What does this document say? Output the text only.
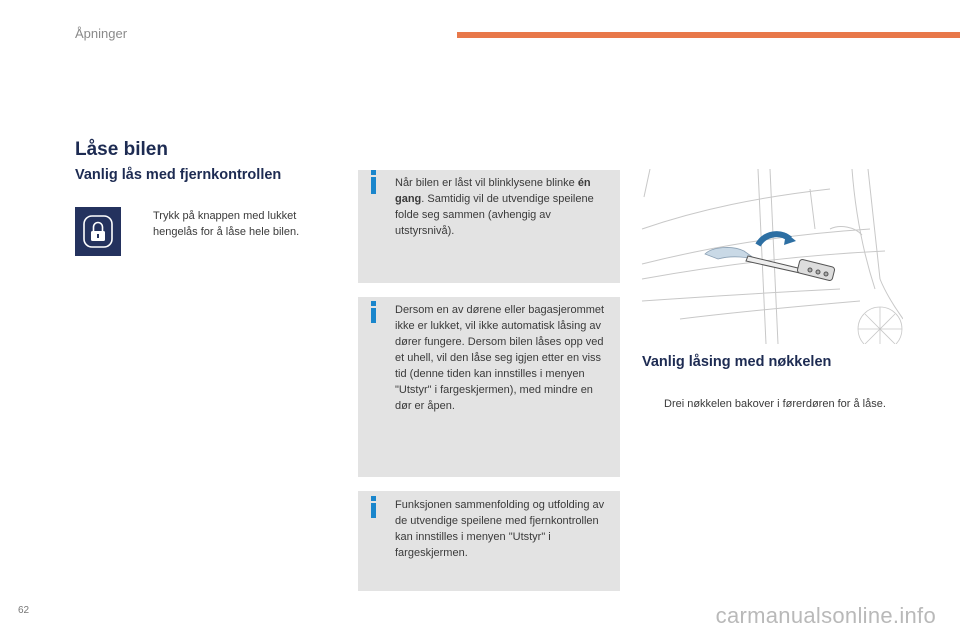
Åpninger
Låse bilen
Vanlig lås med fjernkontrollen
Trykk på knappen med lukket hengelås for å låse hele bilen.
Når bilen er låst vil blinklysene blinke én gang. Samtidig vil de utvendige speilene folde seg sammen (avhengig av utstyrsnivå).
Dersom en av dørene eller bagasjerommet ikke er lukket, vil ikke automatisk låsing av dører fungere. Dersom bilen låses opp ved et uhell, vil den låse seg igjen etter en viss tid (denne tiden kan innstilles i menyen "Utstyr" i fargeskjermen), med mindre en dør er åpen.
Funksjonen sammenfolding og utfolding av de utvendige speilene med fjernkontrollen kan innstilles i menyen "Utstyr" i fargeskjermen.
Vanlig låsing med nøkkelen
Drei nøkkelen bakover i førerdøren for å låse.
62	carmanualsonline.info
